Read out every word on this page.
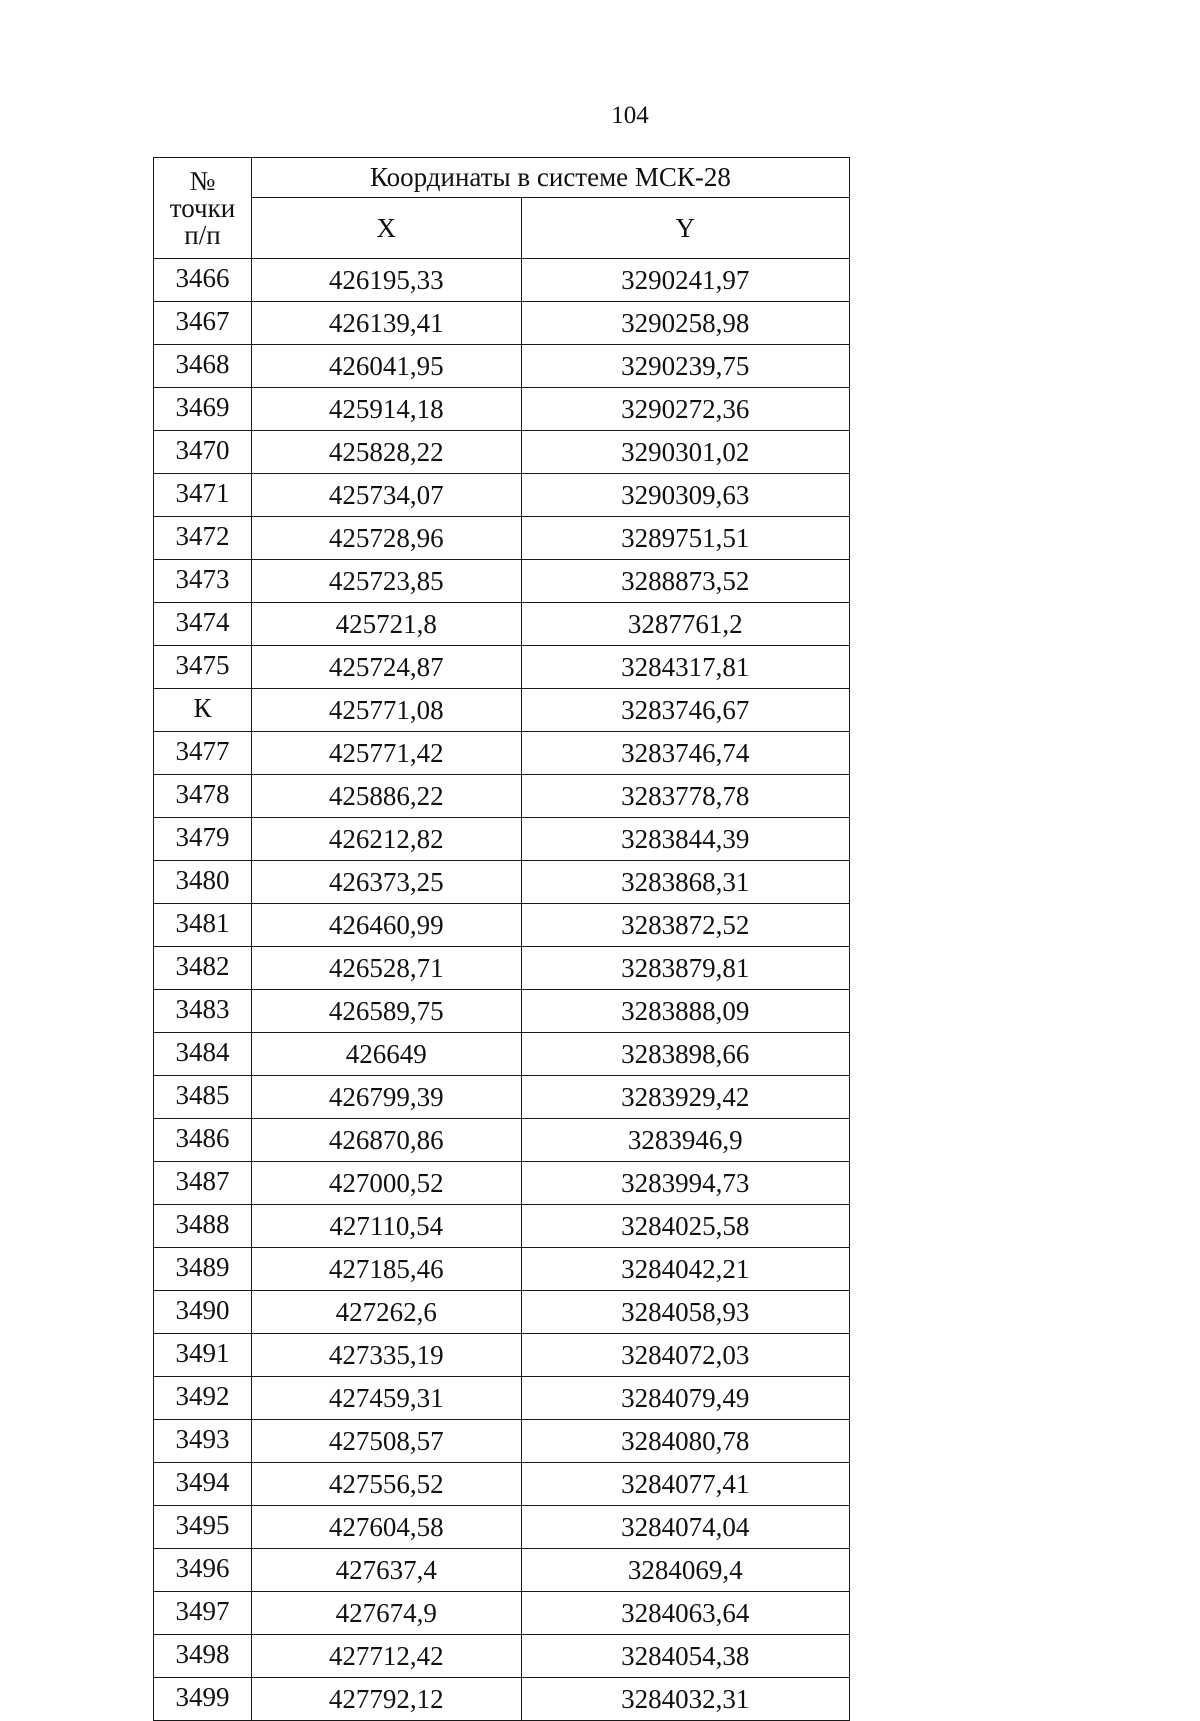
104
№
точки
п/п	Координаты в системе МСК-28	
	X	Y
3466	426195,33	3290241,97
3467	426139,41	3290258,98
3468	426041,95	3290239,75
3469	425914,18	3290272,36
3470	425828,22	3290301,02
3471	425734,07	3290309,63
3472	425728,96	3289751,51
3473	425723,85	3288873,52
3474	425721,8	3287761,2
3475	425724,87	3284317,81
К	425771,08	3283746,67
3477	425771,42	3283746,74
3478	425886,22	3283778,78
3479	426212,82	3283844,39
3480	426373,25	3283868,31
3481	426460,99	3283872,52
3482	426528,71	3283879,81
3483	426589,75	3283888,09
3484	426649	3283898,66
3485	426799,39	3283929,42
3486	426870,86	3283946,9
3487	427000,52	3283994,73
3488	427110,54	3284025,58
3489	427185,46	3284042,21
3490	427262,6	3284058,93
3491	427335,19	3284072,03
3492	427459,31	3284079,49
3493	427508,57	3284080,78
3494	427556,52	3284077,41
3495	427604,58	3284074,04
3496	427637,4	3284069,4
3497	427674,9	3284063,64
3498	427712,42	3284054,38
3499	427792,12	3284032,31
